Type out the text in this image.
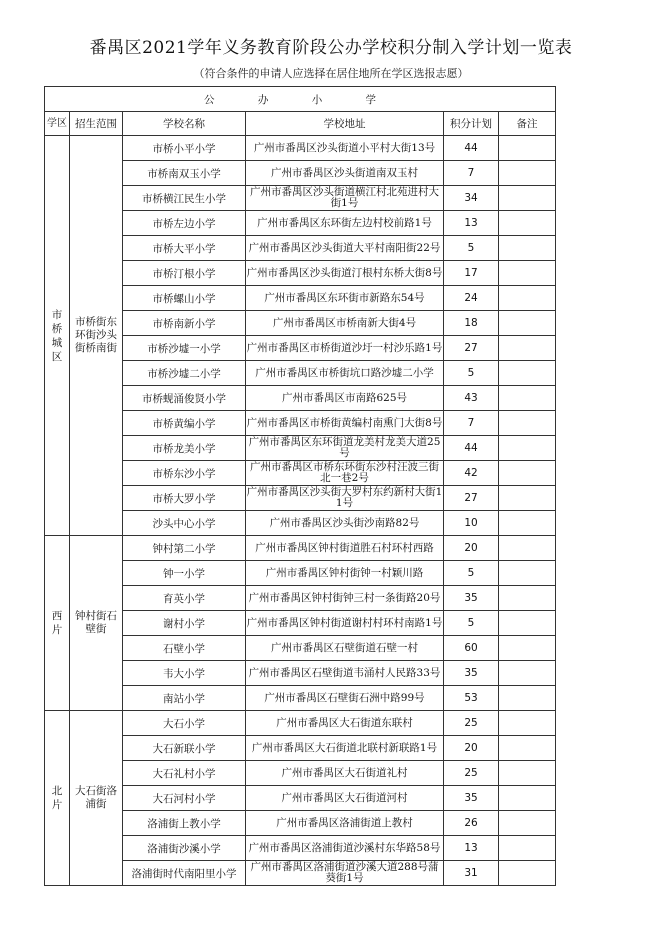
番禺区2021学年义务教育阶段公办学校积分制入学计划一览表
（符合条件的申请人应选择在居住地所在学区选报志愿）
公 办 小 学					
学区	招生范围	学校名称	学校地址	积分计划	备注
市桥城区	市桥街东环街沙头街桥南街	市桥小平小学	广州市番禺区沙头街道小平村大街13号	44	
		市桥南双玉小学	广州市番禺区沙头街道南双玉村	7	
		市桥横江民生小学	广州市番禺区沙头街道横江村北苑进村大街1号	34	
		市桥左边小学	广州市番禺区东环街左边村校前路1号	13	
		市桥大平小学	广州市番禺区沙头街道大平村南阳街22号	5	
		市桥汀根小学	广州市番禺区沙头街道汀根村东桥大街8号	17	
		市桥螺山小学	广州市番禺区东环街市新路东54号	24	
		市桥南新小学	广州市番禺区市桥南新大街4号	18	
		市桥沙墟一小学	广州市番禺区市桥街道沙圩一村沙乐路1号	27	
		市桥沙墟二小学	广州市番禺区市桥街坑口路沙墟二小学	5	
		市桥蚬涌俊贤小学	广州市番禺区市南路625号	43	
		市桥黄编小学	广州市番禺区市桥街黄编村南熏门大街8号	7	
		市桥龙美小学	广州市番禺区东环街道龙美村龙美大道25号	44	
		市桥东沙小学	广州市番禺区市桥东环街东沙村汪波三街北一巷2号	42	
		市桥大罗小学	广州市番禺区沙头街大罗村东约新村大街11号	27	
		沙头中心小学	广州市番禺区沙头街沙南路82号	10	
西片	钟村街石壁街	钟村第二小学	广州市番禺区钟村街道胜石村环村西路	20	
		钟一小学	广州市番禺区钟村街钟一村颖川路	5	
		育英小学	广州市番禺区钟村街钟三村一条街路20号	35	
		谢村小学	广州市番禺区钟村街道谢村村环村南路1号	5	
		石壁小学	广州市番禺区石壁街道石壁一村	60	
		韦大小学	广州市番禺区石壁街道韦涌村人民路33号	35	
		南站小学	广州市番禺区石壁街石洲中路99号	53	
北片	大石街洛浦街	大石小学	广州市番禺区大石街道东联村	25	
		大石新联小学	广州市番禺区大石街道北联村新联路1号	20	
		大石礼村小学	广州市番禺区大石街道礼村	25	
		大石河村小学	广州市番禺区大石街道河村	35	
		洛浦街上教小学	广州市番禺区洛浦街道上教村	26	
		洛浦街沙溪小学	广州市番禺区洛浦街道沙溪村东华路58号	13	
		洛浦街时代南阳里小学	广州市番禺区洛浦街道沙溪大道288号蒲葵街1号	31	
